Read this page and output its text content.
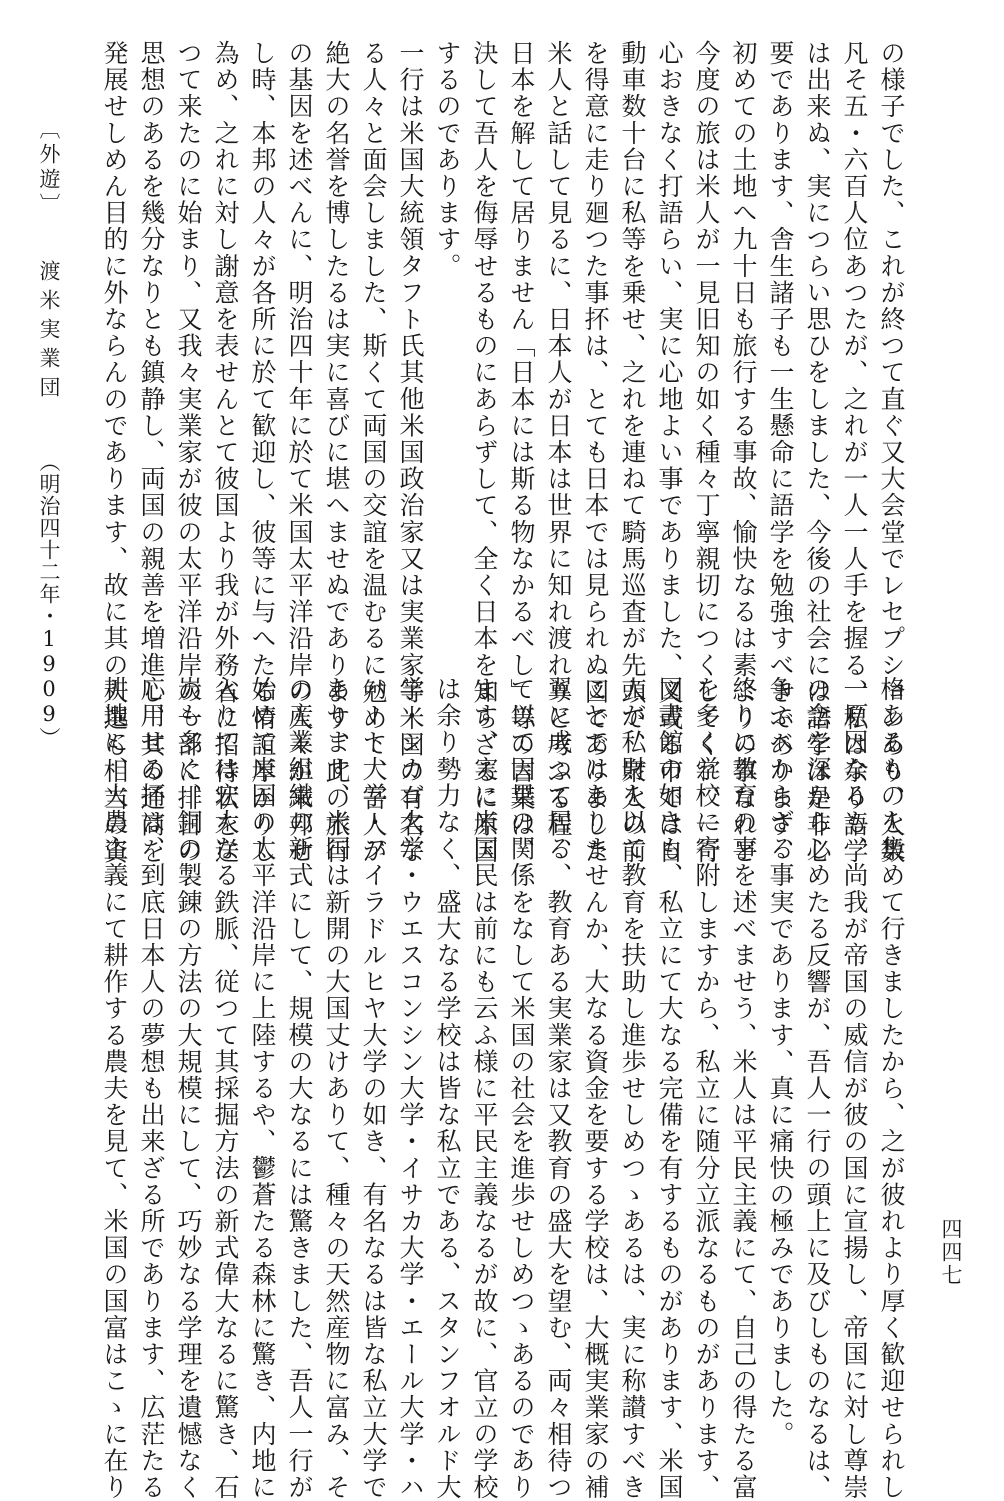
の様子でした、これが終つて直ぐ又大会堂でレセプションあり、人数

凡そ五・六百人位あつたが、之れが一人一人手を握る、私は余り語学

は出来ぬ、実につらい思ひをしました、今後の社会には語学は是非必

要であります、舎生諸子も一生懸命に語学を勉強すべきであります、

初めての土地へ九十日も旅行する事故、愉快なるは素よりの事なれど

今度の旅は米人が一見旧知の如く種々丁寧親切につくしてくれ、一行

心おきなく打語らい、実に心地よい事でありました、又或る市では自

動車数十台に私等を乗せ、之れを連ねて騎馬巡査が先頭で、衆人の前

を得意に走り廻つた事抔は、とても日本では見られぬ図でありました

米人と話して見るに、日本人が日本は世界に知れ渡れりと考ふる程、

日本を解して居りません「日本には斯る物なかるべし」等の言葉は、

決して吾人を侮辱せるものにあらずして、全く日本を知らざるに原因

するのであります。

一行は米国大統領タフト氏其他米国政治家又は実業家等米国の有名な

る人々と面会しました、斯くて両国の交誼を温むるに勉めて、吾人が

絶大の名誉を博したるは実に喜びに堪へませぬであります、此の旅行

の基因を述べんに、明治四十年に於て米国太平洋沿岸の人々が来邦せ

し時、本邦の人々が各所に於て歓迎し、彼等に与へたる情誼厚かりし

為め、之れに対し謝意を表せんとて彼国より我が外務省に招待状を送

つて来たのに始まり、又我々実業家が彼の太平洋沿岸の一部に排日の

思想のあるを幾分なりとも鎮静し、両国の親善を増進し、其の通商を

発展せしめん目的に外ならんのであります、故に其の人選も相当の資

格あるものを集めて行きましたから、之が彼れより厚く歓迎せられし

一原因なるも、尚我が帝国の威信が彼の国に宣揚し、帝国に対し尊崇

の念を深からしめたる反響が、吾人一行の頭上に及びしものなるは、

争ふべからざる事実であります、真に痛快の極みでありました。

終りに教育の事を述べませう、米人は平民主義にて、自己の得たる富

を多く学校に寄附しますから、私立に随分立派なるものがあります、

図書館の如きも、私立にて大なる完備を有するものがあります、米国

人が私財を以て教育を扶助し進歩せしめつゝあるは、実に称讃すべき

ことではありませんか、大なる資金を要する学校は、大概実業家の補

翼に成つて居る、教育ある実業家は又教育の盛大を望む、両々相待つ

て以て因果の関係をなして米国の社会を進歩せしめつゝあるのであり

ます、実に米国民は前にも云ふ様に平民主義なるが故に、官立の学校

は余り勢力なく、盛大なる学校は皆な私立である、スタンフオルド大

学・シカゴ大学・ウエスコンシン大学・イサカ大学・エール大学・ハ

バート大学・フイラドルヒヤ大学の如き、有名なるは皆な私立大学で

あります、米国は新開の大国丈けありて、種々の天然産物に富み、そ

の産業組織の新式にして、規模の大なるには驚きました、吾人一行が

始めて米国の太平洋沿岸に上陸するや、鬱蒼たる森林に驚き、内地に

入りては宏大なる鉄脈、従つて其採掘方法の新式偉大なるに驚き、石

炭も多く、銅の製錬の方法の大規模にして、巧妙なる学理を遺憾なく

応用せる抔は、到底日本人の夢想も出来ざる所であります、広茫たる

耕地に、大農主義にて耕作する農夫を見て、米国の国富はこゝに在り

〔外遊〕 渡米実業団 （明治四十二年・1909）
四四七
